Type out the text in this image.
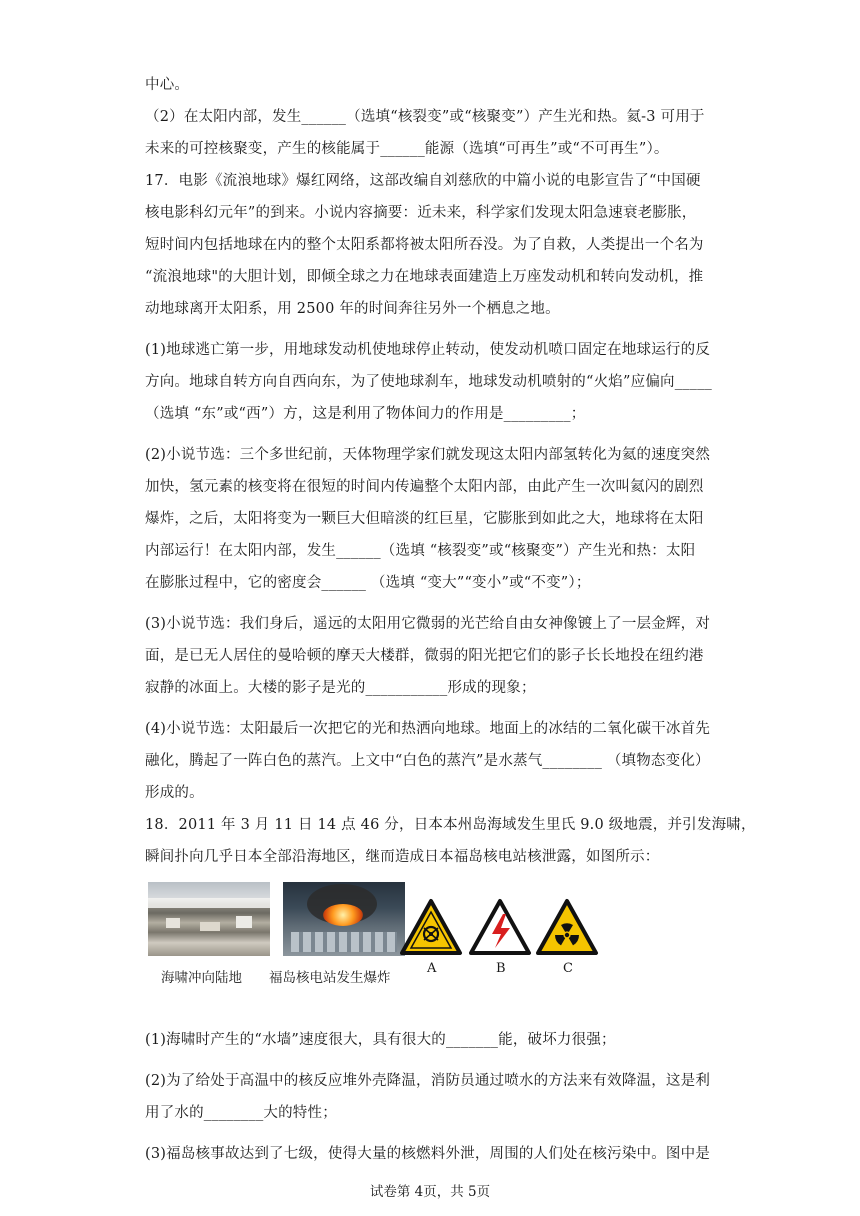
中心。
（2）在太阳内部，发生______（选填“核裂变”或“核聚变”）产生光和热。氦-3 可用于
未来的可控核聚变，产生的核能属于______能源（选填“可再生”或“不可再生”）。
17．电影《流浪地球》爆红网络，这部改编自刘慈欣的中篇小说的电影宣告了“中国硬
核电影科幻元年”的到来。小说内容摘要：近未来，科学家们发现太阳急速衰老膨胀，
短时间内包括地球在内的整个太阳系都将被太阳所吞没。为了自救，人类提出一个名为
“流浪地球"的大胆计划，即倾全球之力在地球表面建造上万座发动机和转向发动机，推
动地球离开太阳系，用 2500 年的时间奔往另外一个栖息之地。
(1)地球逃亡第一步，用地球发动机使地球停止转动，使发动机喷口固定在地球运行的反
方向。地球自转方向自西向东，为了使地球刹车，地球发动机喷射的“火焰”应偏向_____
（选填 “东”或“西”）方，这是利用了物体间力的作用是_________；
(2)小说节选：三个多世纪前，天体物理学家们就发现这太阳内部氢转化为氦的速度突然
加快，氢元素的核变将在很短的时间内传遍整个太阳内部，由此产生一次叫氦闪的剧烈
爆炸，之后，太阳将变为一颗巨大但暗淡的红巨星，它膨胀到如此之大，地球将在太阳
内部运行！在太阳内部，发生______（选填 “核裂变”或“核聚变”）产生光和热：太阳
在膨胀过程中，它的密度会______ （选填 “变大”“变小”或“不变”）；
(3)小说节选：我们身后，遥远的太阳用它微弱的光芒给自由女神像镀上了一层金辉，对
面，是已无人居住的曼哈顿的摩天大楼群，微弱的阳光把它们的影子长长地投在纽约港
寂静的冰面上。大楼的影子是光的___________形成的现象；
(4)小说节选：太阳最后一次把它的光和热洒向地球。地面上的冰结的二氧化碳干冰首先
融化，腾起了一阵白色的蒸汽。上文中“白色的蒸汽”是水蒸气________ （填物态变化）
形成的。
18．2011 年 3 月 11 日 14 点 46 分，日本本州岛海域发生里氏 9.0 级地震，并引发海啸，
瞬间扑向几乎日本全部沿海地区，继而造成日本福岛核电站核泄露，如图所示：
海啸冲向陆地 福岛核电站发生爆炸
A	B	C
(1)海啸时产生的“水墙”速度很大，具有很大的_______能，破坏力很强；
(2)为了给处于高温中的核反应堆外壳降温，消防员通过喷水的方法来有效降温，这是利
用了水的________大的特性；
(3)福岛核事故达到了七级，使得大量的核燃料外泄，周围的人们处在核污染中。图中是
试卷第 4页，共 5页
